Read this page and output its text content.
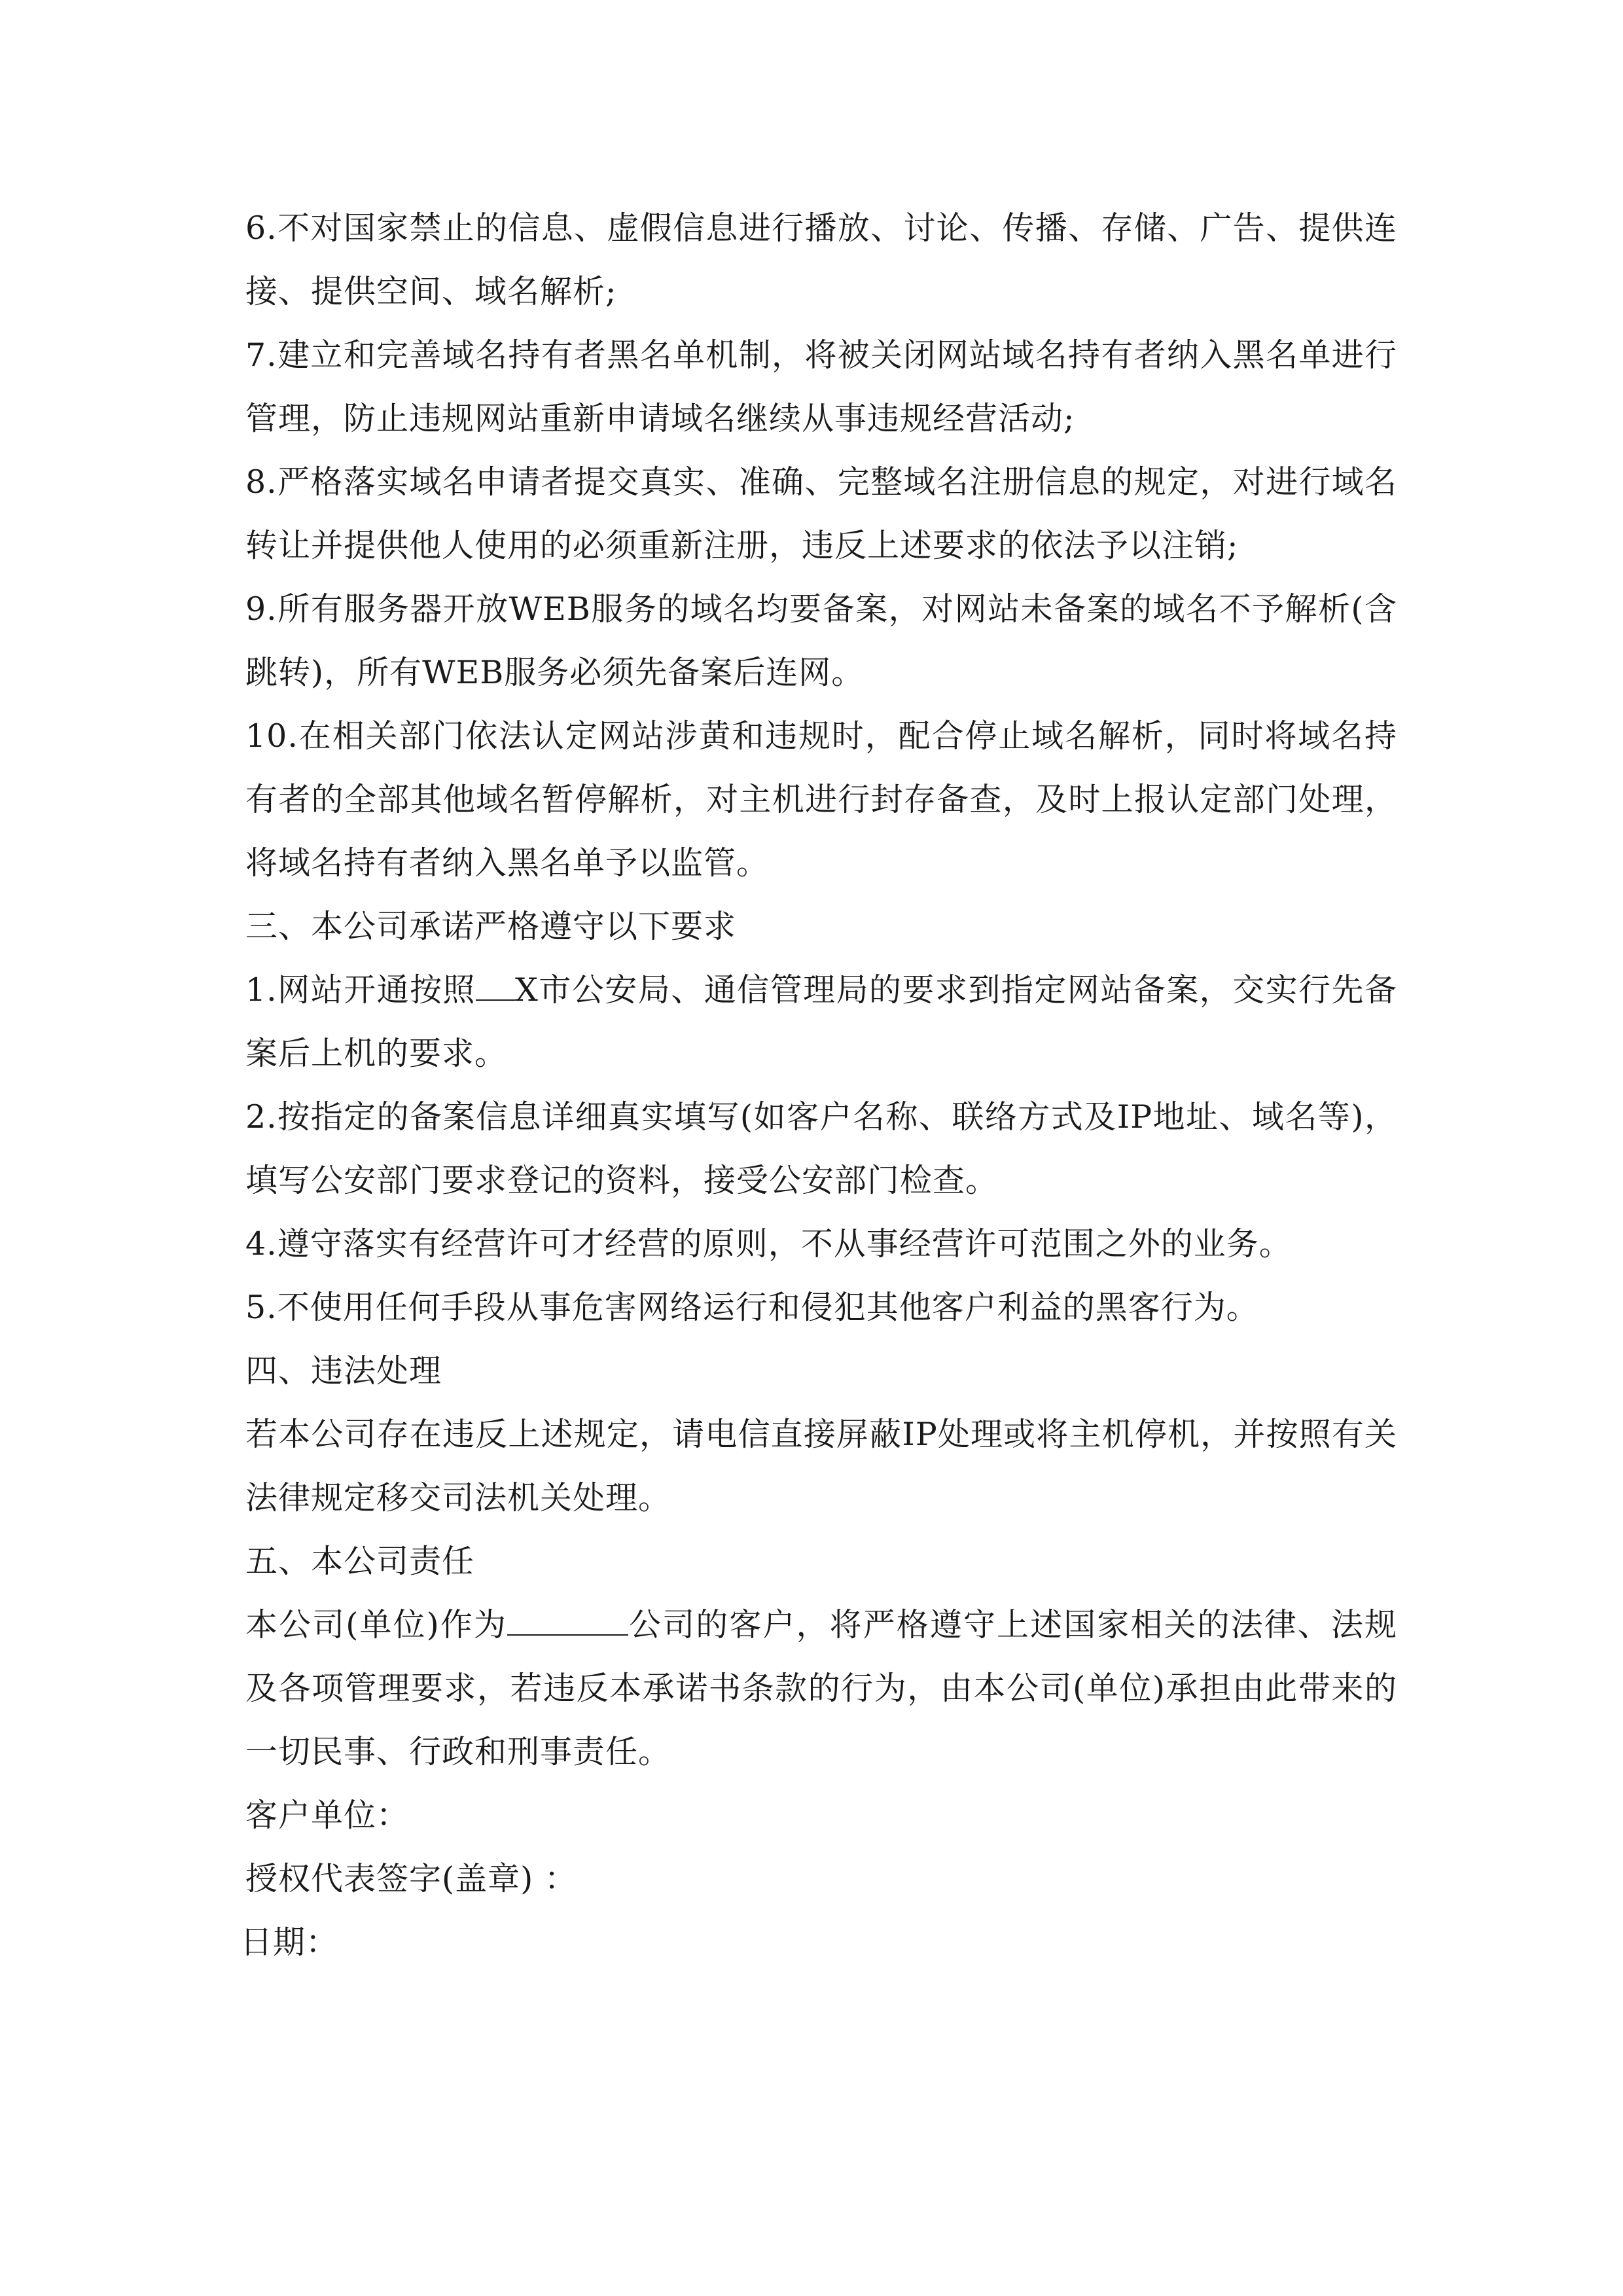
6.不对国家禁止的信息、虚假信息进行播放、讨论、传播、存储、广告、提供连接、提供空间、域名解析;

7.建立和完善域名持有者黑名单机制，将被关闭网站域名持有者纳入黑名单进行管理，防止违规网站重新申请域名继续从事违规经营活动;

8.严格落实域名申请者提交真实、准确、完整域名注册信息的规定，对进行域名转让并提供他人使用的必须重新注册，违反上述要求的依法予以注销;

9.所有服务器开放WEB服务的域名均要备案，对网站未备案的域名不予解析(含跳转)，所有WEB服务必须先备案后连网。

10.在相关部门依法认定网站涉黄和违规时，配合停止域名解析，同时将域名持有者的全部其他域名暂停解析，对主机进行封存备查，及时上报认定部门处理，将域名持有者纳入黑名单予以监管。

三、本公司承诺严格遵守以下要求

1.网站开通按照 X市公安局、通信管理局的要求到指定网站备案，交实行先备案后上机的要求。

2.按指定的备案信息详细真实填写(如客户名称、联络方式及IP地址、域名等)，填写公安部门要求登记的资料，接受公安部门检查。

4.遵守落实有经营许可才经营的原则，不从事经营许可范围之外的业务。

5.不使用任何手段从事危害网络运行和侵犯其他客户利益的黑客行为。

四、违法处理

若本公司存在违反上述规定，请电信直接屏蔽IP处理或将主机停机，并按照有关法律规定移交司法机关处理。

五、本公司责任

本公司(单位)作为	公司的客户，将严格遵守上述国家相关的法律、法规及各项管理要求，若违反本承诺书条款的行为，由本公司(单位)承担由此带来的一切民事、行政和刑事责任。

客户单位：

授权代表签字(盖章) ：

日期：
